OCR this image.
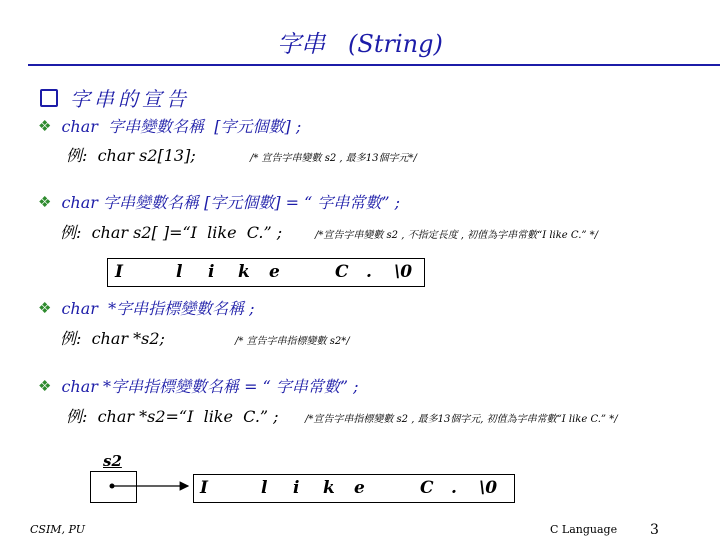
字串   (String)
字串的宣告
❖ char  字串變數名稱  [字元個數] ;
例:  char s2[13];	/* 宣告字串變數 s2 , 最多13個字元*/
❖ char 字串變數名稱 [字元個數] = “ 字串常數” ;
例:  char s2[ ]=“I  like  C.” ;	/*宣告字串變數 s2 , 不指定長度 , 初值為字串常數“I like C.” */
I	l i k e	C . \0
❖ char  *字串指標變數名稱 ;
例:  char *s2;	/* 宣告字串指標變數 s2*/
❖ char *字串指標變數名稱 = “ 字串常數” ;
例:  char *s2=“I  like  C.” ;	/*宣告字串指標變數 s2 , 最多13個字元, 初值為字串常數“I like C.” */
s2
I	l i k e	C . \0
CSIM, PU	C Language 3
